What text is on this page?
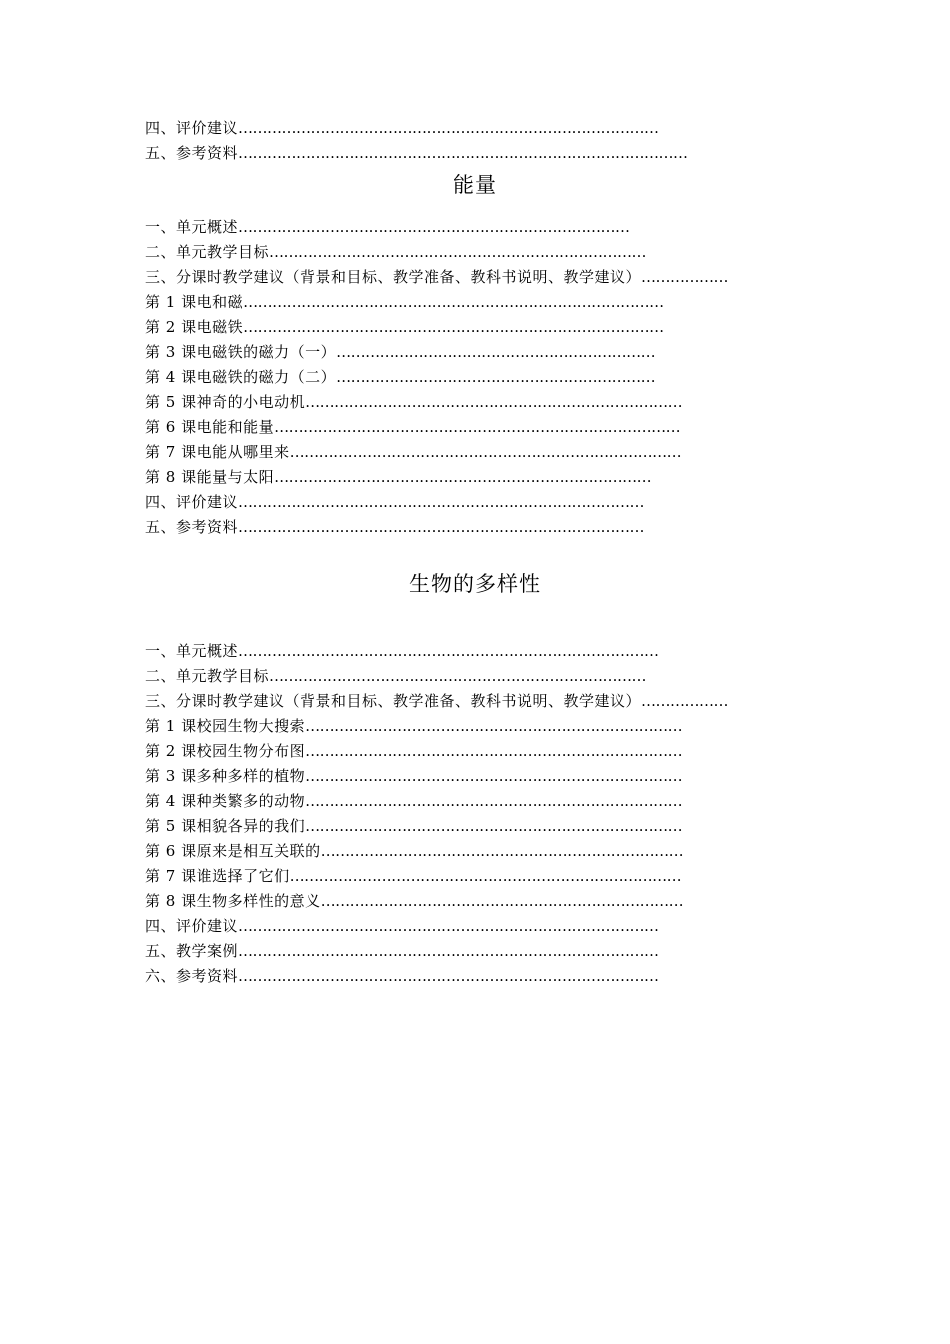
四、评价建议……………………………………………………………………………
五、参考资料…………………………………………………………………………………
能量
一、单元概述………………………………………………………………………
二、单元教学目标……………………………………………………………………
三、分课时教学建议（背景和目标、教学准备、教科书说明、教学建议）………………
第 1 课电和磁……………………………………………………………………………
第 2 课电磁铁……………………………………………………………………………
第 3 课电磁铁的磁力（一）…………………………………………………………
第 4 课电磁铁的磁力（二）…………………………………………………………
第 5 课神奇的小电动机……………………………………………………………………
第 6 课电能和能量…………………………………………………………………………
第 7 课电能从哪里来………………………………………………………………………
第 8 课能量与太阳……………………………………………………………………
四、评价建议…………………………………………………………………………
五、参考资料…………………………………………………………………………
生物的多样性
一、单元概述……………………………………………………………………………
二、单元教学目标……………………………………………………………………
三、分课时教学建议（背景和目标、教学准备、教科书说明、教学建议）………………
第 1 课校园生物大搜索……………………………………………………………………
第 2 课校园生物分布图……………………………………………………………………
第 3 课多种多样的植物……………………………………………………………………
第 4 课种类繁多的动物……………………………………………………………………
第 5 课相貌各异的我们……………………………………………………………………
第 6 课原来是相互关联的…………………………………………………………………
第 7 课谁选择了它们………………………………………………………………………
第 8 课生物多样性的意义…………………………………………………………………
四、评价建议……………………………………………………………………………
五、教学案例……………………………………………………………………………
六、参考资料……………………………………………………………………………
